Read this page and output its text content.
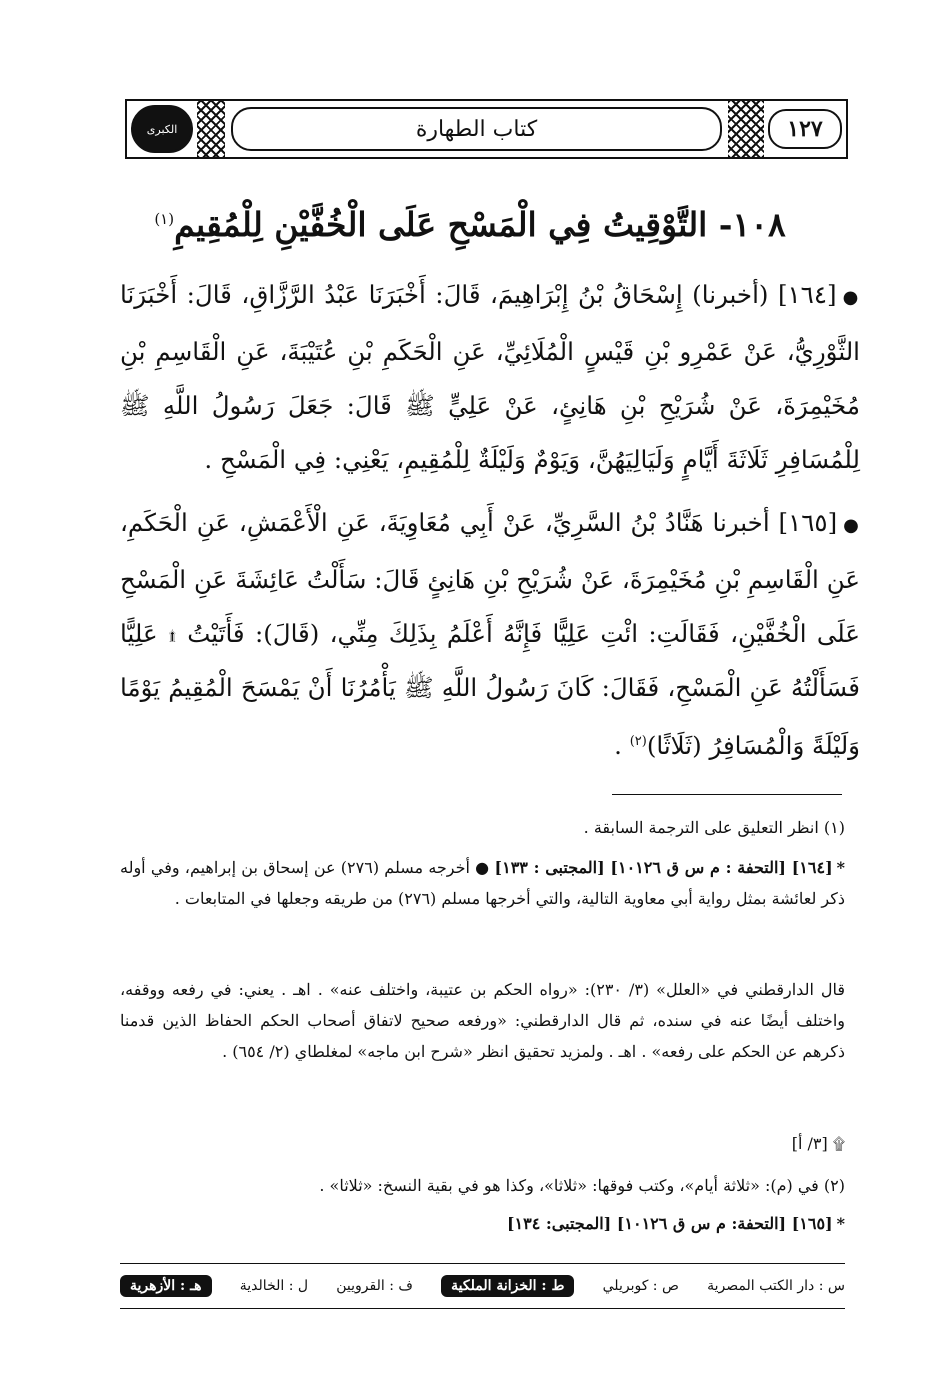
الكبرى	كتاب الطهارة	١٢٧
١٠٨- التَّوْقِيتُ فِي الْمَسْحِ عَلَى الْخُفَّيْنِ لِلْمُقِيمِ$^{(١)}$
●[١٦٤] (أخبرنا) إِسْحَاقُ بْنُ إِبْرَاهِيمَ، قَالَ: أَخْبَرَنَا عَبْدُ الرَّزَّاقِ، قَالَ: أَخْبَرَنَا الثَّوْرِيُّ، عَنْ عَمْرِو بْنِ قَيْسٍ الْمُلَائِيِّ، عَنِ الْحَكَمِ بْنِ عُتَيْبَةَ، عَنِ الْقَاسِمِ بْنِ مُخَيْمِرَةَ، عَنْ شُرَيْحِ بْنِ هَانِئٍ، عَنْ عَلِيٍّ ﷺ قَالَ: جَعَلَ رَسُولُ اللَّهِ ﷺ لِلْمُسَافِرِ ثَلَاثَةَ أَيَّامٍ وَلَيَالِيَهُنَّ، وَيَوْمٌ وَلَيْلَةٌ لِلْمُقِيمِ، يَعْنِي: فِي الْمَسْحِ .
●[١٦٥] أخبرنا هَنَّادُ بْنُ السَّرِيِّ، عَنْ أَبِي مُعَاوِيَةَ، عَنِ الْأَعْمَشِ، عَنِ الْحَكَمِ، عَنِ الْقَاسِمِ بْنِ مُخَيْمِرَةَ، عَنْ شُرَيْحِ بْنِ هَانِئٍ قَالَ: سَأَلْتُ عَائِشَةَ عَنِ الْمَسْحِ عَلَى الْخُفَّيْنِ، فَقَالَتِ: ائْتِ عَلِيًّا فَإِنَّهُ أَعْلَمُ بِذَلِكَ مِنِّي، (قَالَ): فَأَتَيْتُ ۩ عَلِيًّا فَسَأَلْتُهُ عَنِ الْمَسْحِ، فَقَالَ: كَانَ رَسُولُ اللَّهِ ﷺ يَأْمُرُنَا أَنْ يَمْسَحَ الْمُقِيمُ يَوْمًا وَلَيْلَةً وَالْمُسَافِرُ (ثَلَاثًا)$^{(٢)}$ .
(١) انظر التعليق على الترجمة السابقة .
*[١٦٤] [التحفة : م س ق ١٠١٢٦] [المجتبى : ١٣٣] ● أخرجه مسلم (٢٧٦) عن إسحاق بن إبراهيم، وفي أوله ذكر لعائشة بمثل رواية أبي معاوية التالية، والتي أخرجها مسلم (٢٧٦) من طريقه وجعلها في المتابعات .
قال الدارقطني في «العلل» (٣/ ٢٣٠): «رواه الحكم بن عتيبة، واختلف عنه» . اهـ . يعني: في رفعه ووقفه، واختلف أيضًا عنه في سنده، ثم قال الدارقطني: «ورفعه صحيح لاتفاق أصحاب الحكم الحفاظ الذين قدمنا ذكرهم عن الحكم على رفعه» . اهـ . ولمزيد تحقيق انظر «شرح ابن ماجه» لمغلطاي (٢/ ٦٥٤) .
۩ [٣/ أ]
(٢) في (م): «ثلاثة أيام»، وكتب فوقها: «ثلاثا»، وكذا هو في بقية النسخ: «ثلاثا» .
*[١٦٥] [التحفة: م س ق ١٠١٢٦] [المجتبى: ١٣٤]
س : دار الكتب المصرية
ص : كوبريلي
ط : الخزانة الملكية
ف : القرويين
ل : الخالدية
هـ : الأزهرية
